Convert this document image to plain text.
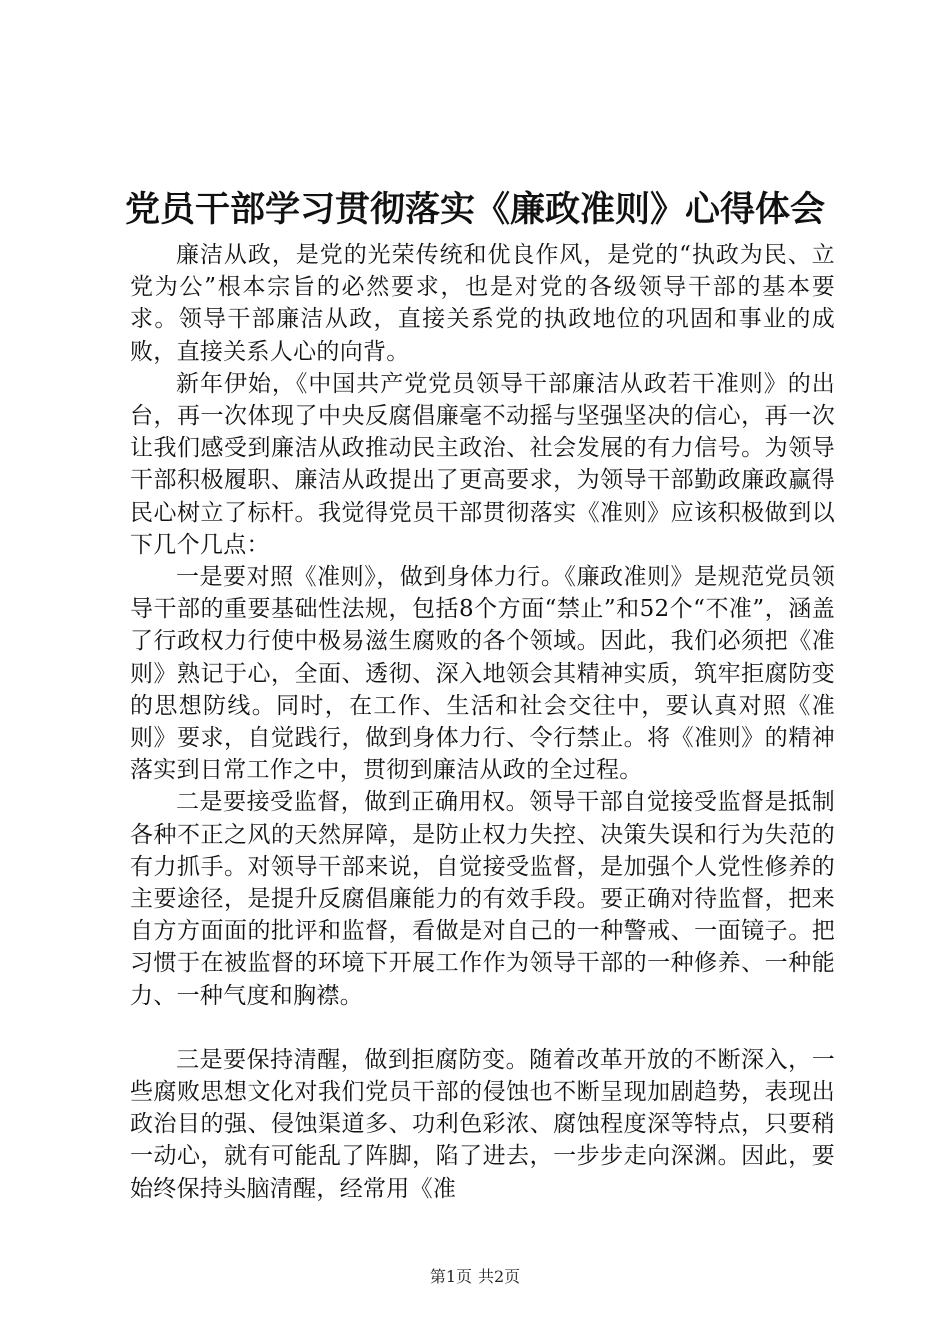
党员干部学习贯彻落实《廉政准则》心得体会

廉洁从政，是党的光荣传统和优良作风，是党的“执政为民、立党为公”根本宗旨的必然要求，也是对党的各级领导干部的基本要求。领导干部廉洁从政，直接关系党的执政地位的巩固和事业的成败，直接关系人心的向背。

新年伊始，《中国共产党党员领导干部廉洁从政若干准则》的出台，再一次体现了中央反腐倡廉毫不动摇与坚强坚决的信心，再一次让我们感受到廉洁从政推动民主政治、社会发展的有力信号。为领导干部积极履职、廉洁从政提出了更高要求，为领导干部勤政廉政赢得民心树立了标杆。我觉得党员干部贯彻落实《准则》应该积极做到以下几个几点：

一是要对照《准则》，做到身体力行。《廉政准则》是规范党员领导干部的重要基础性法规，包括8个方面“禁止”和52个“不准”，涵盖了行政权力行使中极易滋生腐败的各个领域。因此，我们必须把《准则》熟记于心，全面、透彻、深入地领会其精神实质，筑牢拒腐防变的思想防线。同时，在工作、生活和社会交往中，要认真对照《准则》要求，自觉践行，做到身体力行、令行禁止。将《准则》的精神落实到日常工作之中，贯彻到廉洁从政的全过程。

二是要接受监督，做到正确用权。领导干部自觉接受监督是抵制各种不正之风的天然屏障，是防止权力失控、决策失误和行为失范的有力抓手。对领导干部来说，自觉接受监督，是加强个人党性修养的主要途径，是提升反腐倡廉能力的有效手段。要正确对待监督，把来自方方面面的批评和监督，看做是对自己的一种警戒、一面镜子。把习惯于在被监督的环境下开展工作作为领导干部的一种修养、一种能力、一种气度和胸襟。

三是要保持清醒，做到拒腐防变。随着改革开放的不断深入，一些腐败思想文化对我们党员干部的侵蚀也不断呈现加剧趋势，表现出政治目的强、侵蚀渠道多、功利色彩浓、腐蚀程度深等特点，只要稍一动心，就有可能乱了阵脚，陷了进去，一步步走向深渊。因此，要始终保持头脑清醒，经常用《准

第1页 共2页
